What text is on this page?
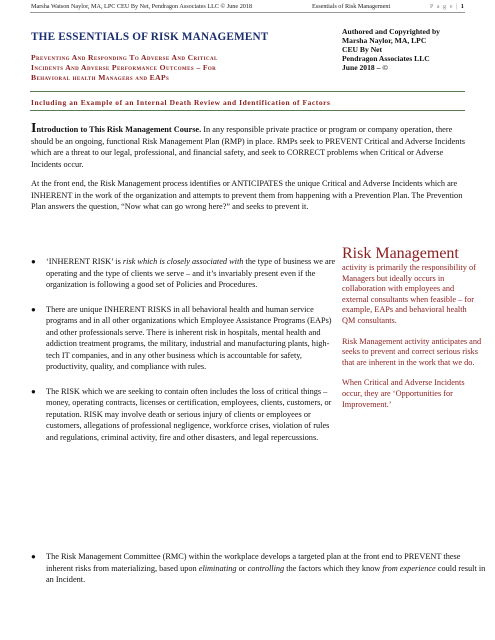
Marsha Watson Naylor, MA, LPC CEU By Net, Pendragon Associates LLC © June 2018	Essentials of Risk Management	P a g e | 1
THE ESSENTIALS OF RISK MANAGEMENT
Preventing And Responding To Adverse And Critical
Incidents And Adverse Performance Outcomes – For
Behavioral health Managers and EAPs
Authored and Copyrighted by
Marsha Naylor, MA, LPC
CEU By Net
Pendragon Associates LLC
June 2018 – ©
Including an Example of an Internal Death Review and Identification of Factors

Introduction to This Risk Management Course. In any responsible private practice or program or company operation, there should be an ongoing, functional Risk Management Plan (RMP) in place. RMPs seek to PREVENT Critical and Adverse Incidents which are a threat to our legal, professional, and financial safety, and seek to CORRECT problems when Critical or Adverse Incidents occur.

At the front end, the Risk Management process identifies or ANTICIPATES the unique Critical and Adverse Incidents which are INHERENT in the work of the organization and attempts to prevent them from happening with a Prevention Plan. The Prevention Plan answers the question, “Now what can go wrong here?” and seeks to prevent it.

● ‘INHERENT RISK’ is risk which is closely associated with the type of business we are operating and the type of clients we serve – and it’s invariably present even if the organization is following a good set of Policies and Procedures.
● There are unique INHERENT RISKS in all behavioral health and human service programs and in all other organizations which Employee Assistance Programs (EAPs) and other professionals serve. There is inherent risk in hospitals, mental health and addiction treatment programs, the military, industrial and manufacturing plants, high-tech IT companies, and in any other business which is accountable for safety, productivity, quality, and compliance with rules.
● The RISK which we are seeking to contain often includes the loss of critical things – money, operating contracts, licenses or certification, employees, clients, customers, or reputation. RISK may involve death or serious injury of clients or employees or customers, allegations of professional negligence, workforce crises, violation of rules and regulations, criminal activity, fire and other disasters, and legal repercussions.
● The Risk Management Committee (RMC) within the workplace develops a targeted plan at the front end to PREVENT these inherent risks from materializing, based upon eliminating or controlling the factors which they know from experience could result in an Incident.
Risk Management

activity is primarily the responsibility of Managers but ideally occurs in collaboration with employees and external consultants when feasible – for example, EAPs and behavioral health QM consultants.

Risk Management activity anticipates and seeks to prevent and correct serious risks that are inherent in the work that we do.

When Critical and Adverse Incidents occur, they are ‘Opportunities for Improvement.’
